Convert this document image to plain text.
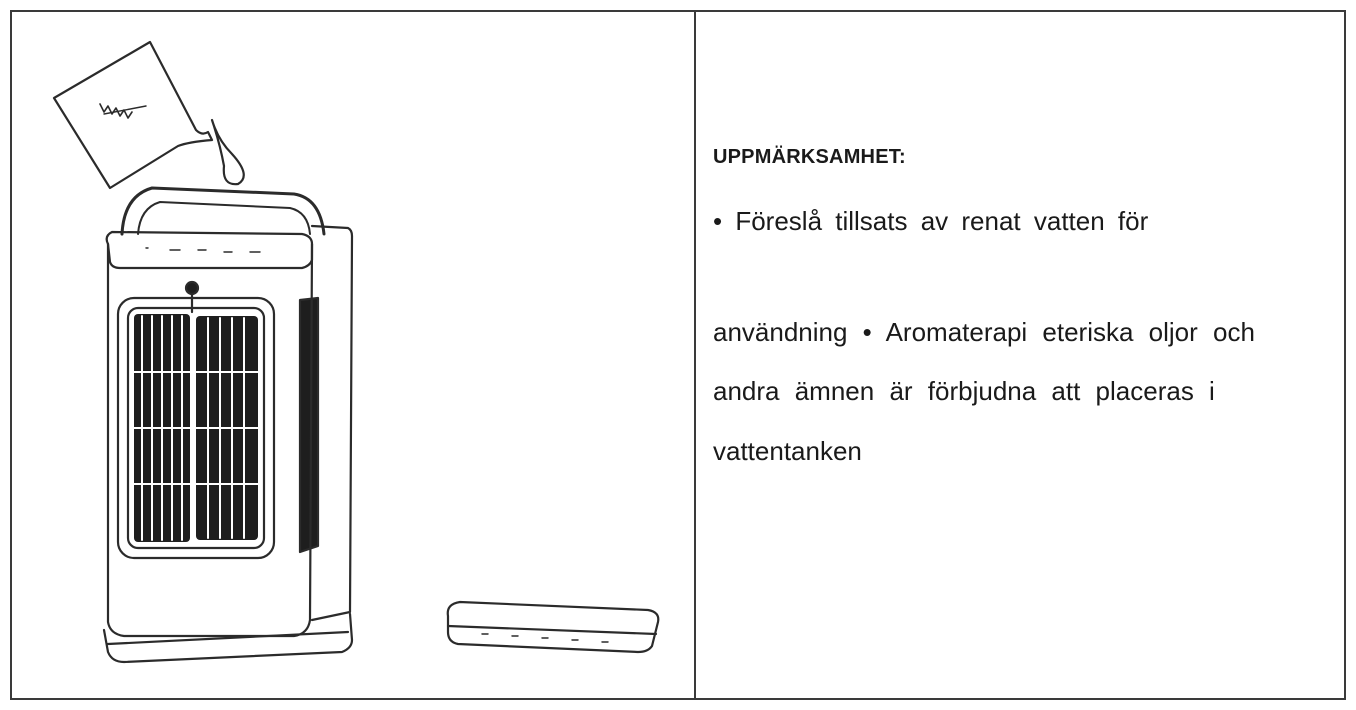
UPPMÄRKSAMHET:
• Föreslå tillsats av renat vatten för
användning • Aromaterapi eteriska oljor och
andra ämnen är förbjudna att placeras i
vattentanken
